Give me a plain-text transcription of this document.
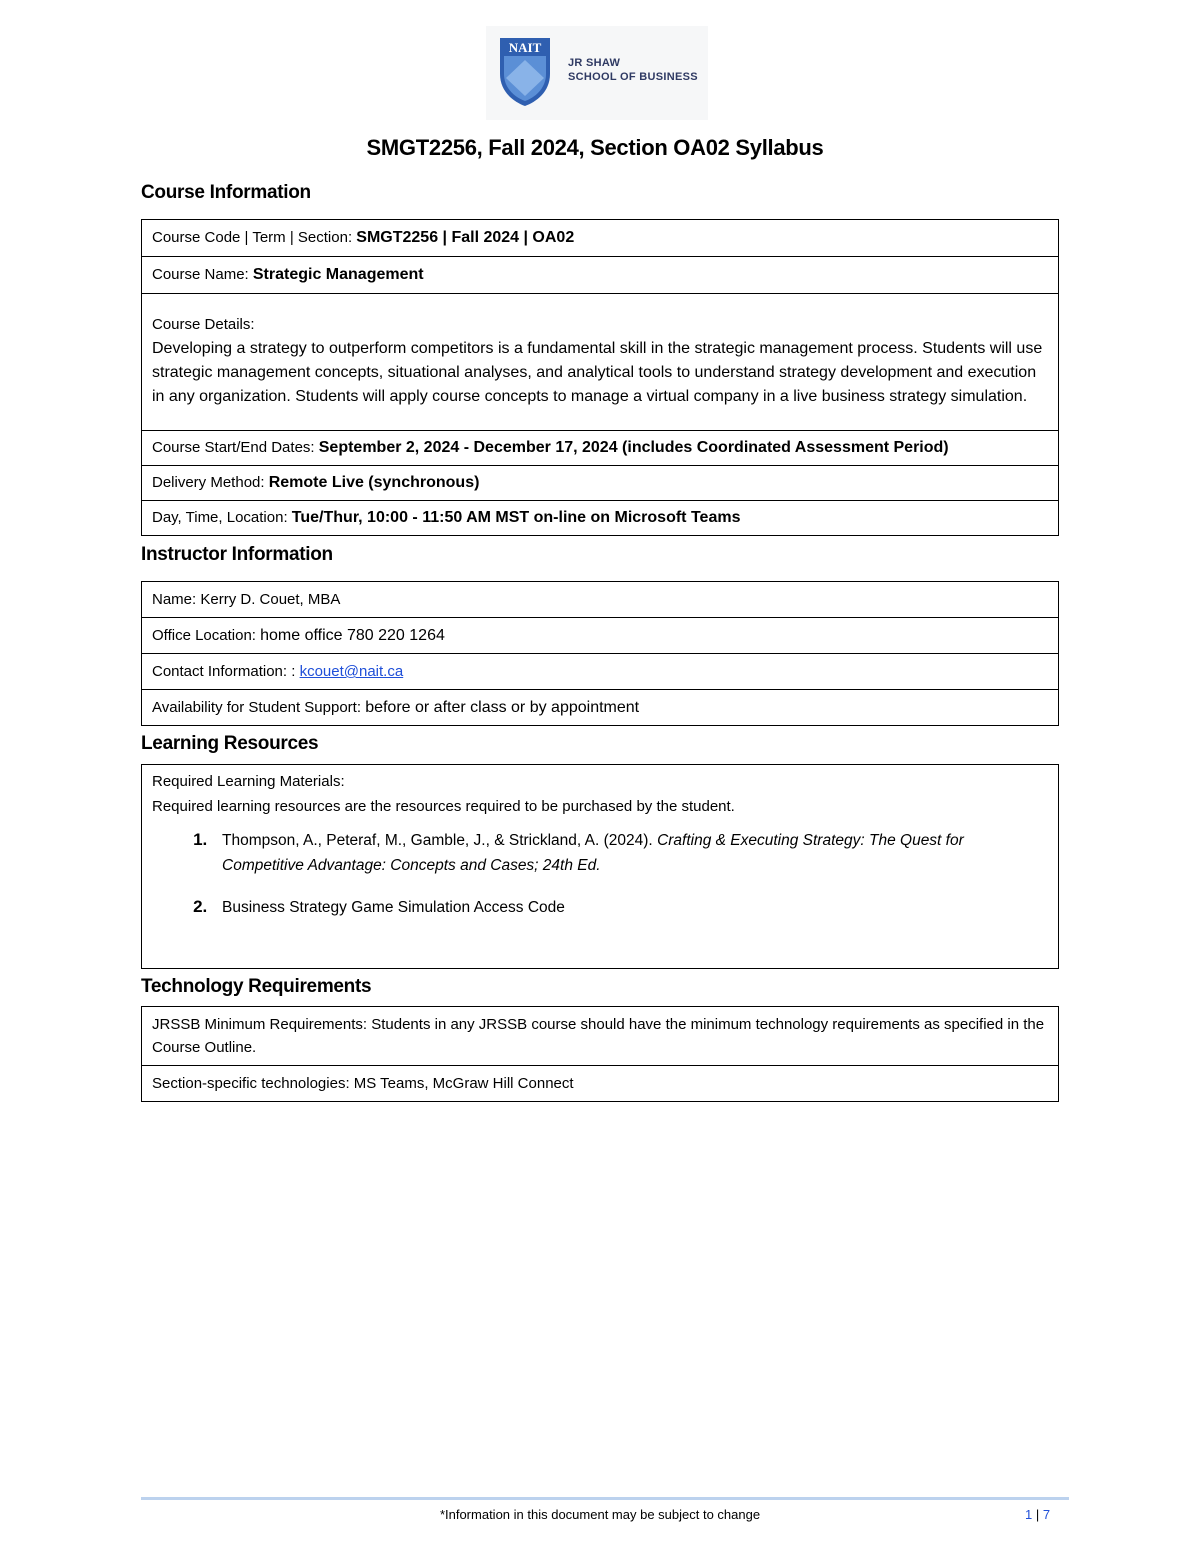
NAIT
JR SHAW
SCHOOL OF BUSINESS
SMGT2256, Fall 2024, Section OA02 Syllabus
Course Information
Course Code | Term | Section: SMGT2256 | Fall 2024 | OA02
Course Name: Strategic Management

Course Details:
Developing a strategy to outperform competitors is a fundamental skill in the strategic management process. Students will use strategic management concepts, situational analyses, and analytical tools to understand strategy development and execution in any organization. Students will apply course concepts to manage a virtual company in a live business strategy simulation.

Course Start/End Dates: September 2, 2024 - December 17, 2024 (includes Coordinated Assessment Period)
Delivery Method: Remote Live (synchronous)
Day, Time, Location: Tue/Thur, 10:00 - 11:50 AM MST on-line on Microsoft Teams
Instructor Information
Name: Kerry D. Couet, MBA
Office Location: home office 780 220 1264
Contact Information: : kcouet@nait.ca
Availability for Student Support: before or after class or by appointment
Learning Resources
Required Learning Materials:
Required learning resources are the resources required to be purchased by the student.
1. Thompson, A., Peteraf, M., Gamble, J., & Strickland, A. (2024). Crafting & Executing Strategy: The Quest for Competitive Advantage: Concepts and Cases; 24th Ed.
2. Business Strategy Game Simulation Access Code
Technology Requirements
JRSSB Minimum Requirements: Students in any JRSSB course should have the minimum technology requirements as specified in the Course Outline.
Section-specific technologies: MS Teams, McGraw Hill Connect
*Information in this document may be subject to change	1 | 7
